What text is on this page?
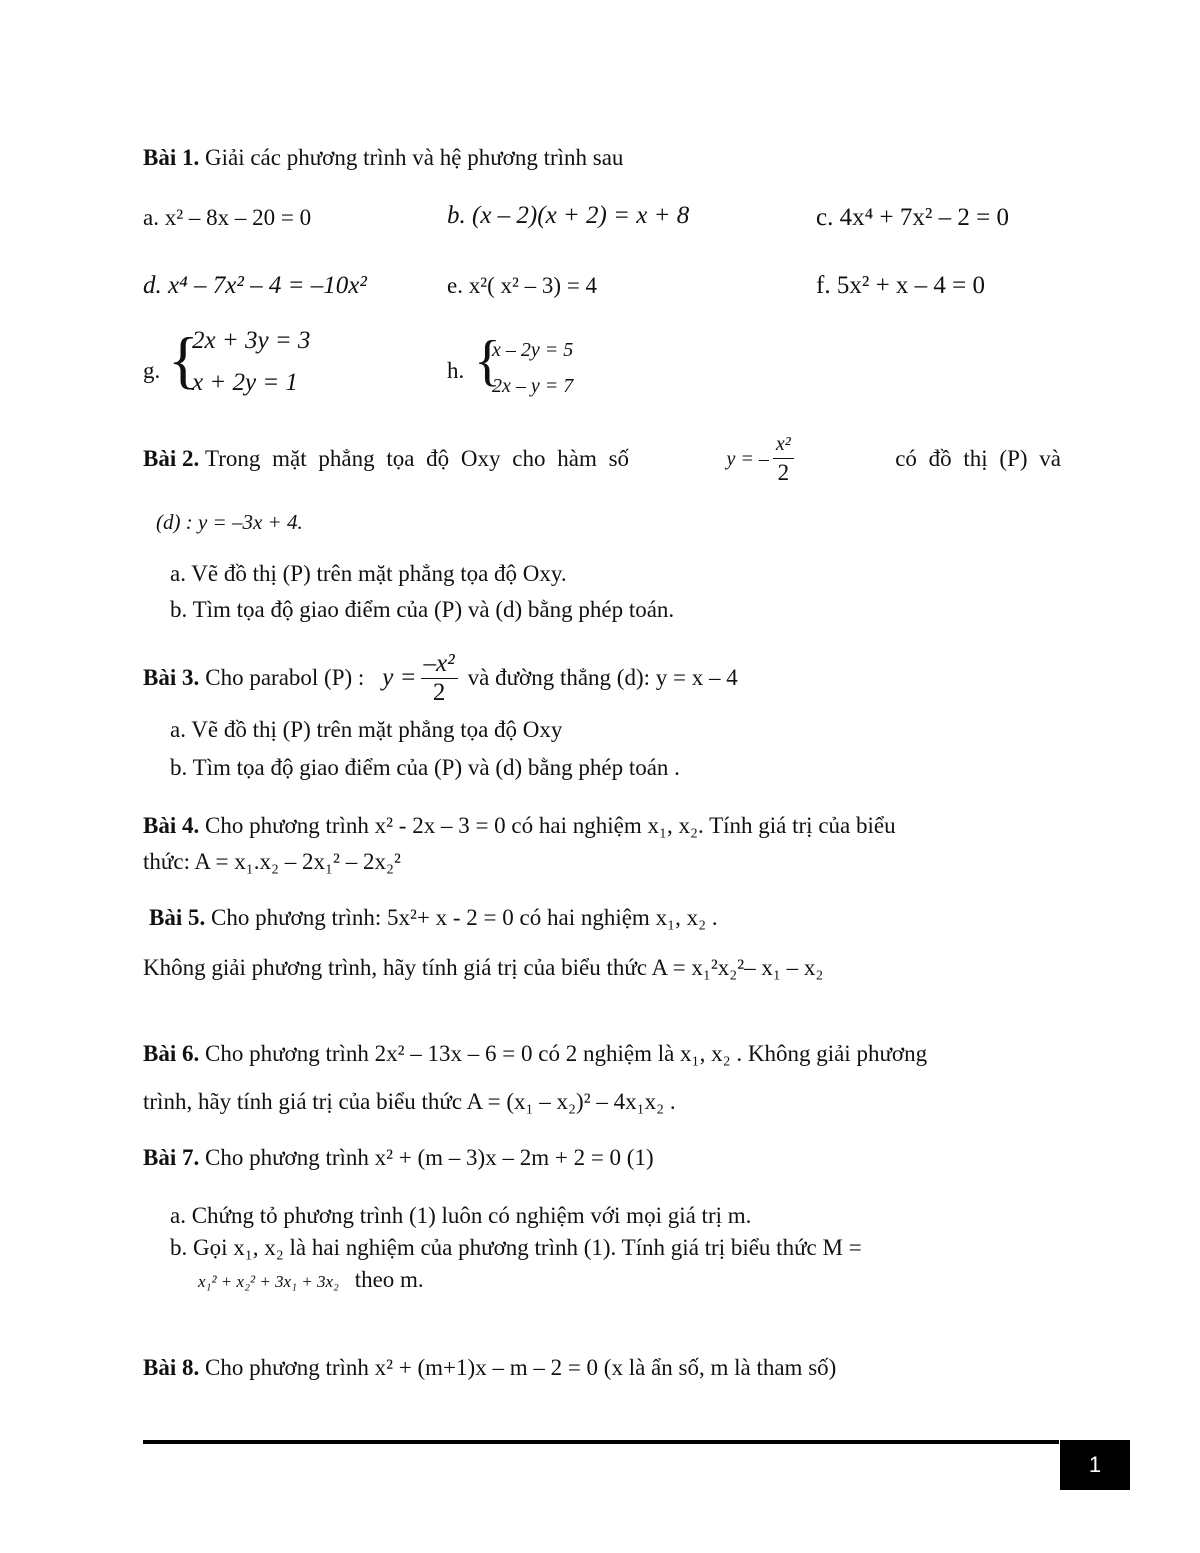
Bài 1. Giải các phương trình và hệ phương trình sau
a. x² – 8x – 20 = 0	b. (x – 2)(x + 2) = x + 8	c. 4x⁴ + 7x² – 2 = 0
d. x⁴ – 7x² – 4 = –10x²	e. x²( x² – 3) = 4	f. 5x² + x – 4 = 0
g. {
2x + 3y = 3
x + 2y = 1	h. {
x – 2y = 5
2x – y = 7
Bài 2. Trong mặt phẳng tọa độ Oxy cho hàm số	y = – $\frac{\text{x²}}{2}$	có đồ thị (P) và
(d) : y = –3x + 4.
a. Vẽ đồ thị (P) trên mặt phẳng tọa độ Oxy.
b. Tìm tọa độ giao điểm của (P) và (d) bằng phép toán.
Bài 3. Cho parabol (P) : $y = \frac{\text{–x²}}{2}$ và đường thẳng (d): y = x – 4
a. Vẽ đồ thị (P) trên mặt phẳng tọa độ Oxy
b. Tìm tọa độ giao điểm của (P) và (d) bằng phép toán .
Bài 4. Cho phương trình x² - 2x – 3 = 0 có hai nghiệm x₁, x₂. Tính giá trị của biểu
thức: A = x₁.x₂ – 2x₁² – 2x₂²
Bài 5. Cho phương trình: 5x²+ x - 2 = 0 có hai nghiệm x₁, x₂ .
Không giải phương trình, hãy tính giá trị của biểu thức A = x₁²x₂²– x₁ – x₂
Bài 6. Cho phương trình 2x² – 13x – 6 = 0 có 2 nghiệm là x₁, x₂ . Không giải phương
trình, hãy tính giá trị của biểu thức A = (x₁ – x₂)² – 4x₁x₂ .
Bài 7. Cho phương trình x² + (m – 3)x – 2m + 2 = 0 (1)
a. Chứng tỏ phương trình (1) luôn có nghiệm với mọi giá trị m.
b. Gọi x₁, x₂ là hai nghiệm của phương trình (1). Tính giá trị biểu thức M =
x₁² + x₂² + 3x₁ + 3x₂ theo m.
Bài 8. Cho phương trình x² + (m+1)x – m – 2 = 0 (x là ẩn số, m là tham số)
1
